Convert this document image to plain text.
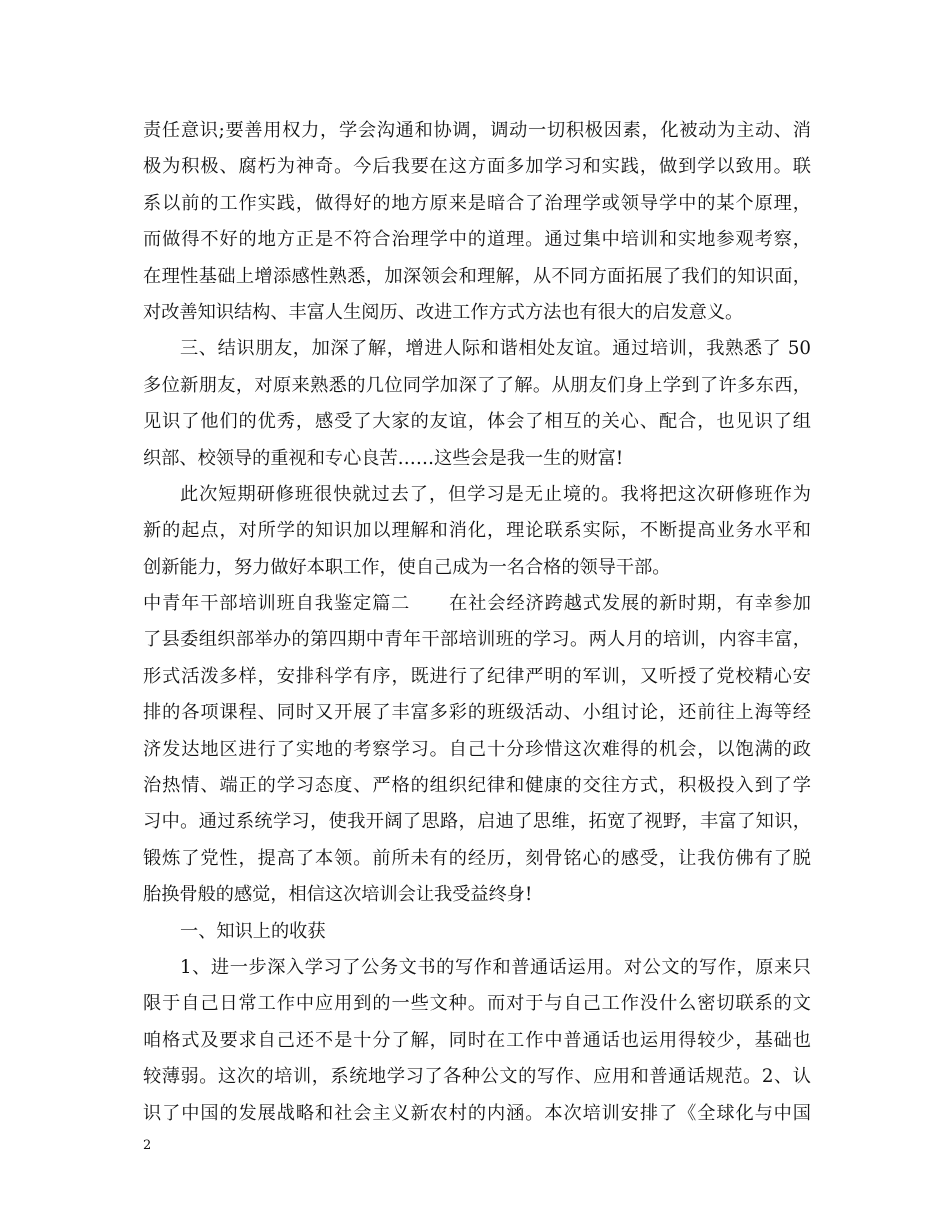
责任意识;要善用权力，学会沟通和协调，调动一切积极因素，化被动为主动、消
极为积极、腐朽为神奇。今后我要在这方面多加学习和实践，做到学以致用。联
系以前的工作实践，做得好的地方原来是暗合了治理学或领导学中的某个原理，
而做得不好的地方正是不符合治理学中的道理。通过集中培训和实地参观考察，
在理性基础上增添感性熟悉，加深领会和理解，从不同方面拓展了我们的知识面，
对改善知识结构、丰富人生阅历、改进工作方式方法也有很大的启发意义。
三、结识朋友，加深了解，增进人际和谐相处友谊。通过培训，我熟悉了 50
多位新朋友，对原来熟悉的几位同学加深了了解。从朋友们身上学到了许多东西，
见识了他们的优秀，感受了大家的友谊，体会了相互的关心、配合，也见识了组
织部、校领导的重视和专心良苦……这些会是我一生的财富!
此次短期研修班很快就过去了，但学习是无止境的。我将把这次研修班作为
新的起点，对所学的知识加以理解和消化，理论联系实际，不断提高业务水平和
创新能力，努力做好本职工作，使自己成为一名合格的领导干部。
中青年干部培训班自我鉴定篇二 在社会经济跨越式发展的新时期，有幸参加
了县委组织部举办的第四期中青年干部培训班的学习。两人月的培训，内容丰富，
形式活泼多样，安排科学有序，既进行了纪律严明的军训，又听授了党校精心安
排的各项课程、同时又开展了丰富多彩的班级活动、小组讨论，还前往上海等经
济发达地区进行了实地的考察学习。自己十分珍惜这次难得的机会，以饱满的政
治热情、端正的学习态度、严格的组织纪律和健康的交往方式，积极投入到了学
习中。通过系统学习，使我开阔了思路，启迪了思维，拓宽了视野，丰富了知识，
锻炼了党性，提高了本领。前所未有的经历，刻骨铭心的感受，让我仿佛有了脱
胎换骨般的感觉，相信这次培训会让我受益终身!
一、知识上的收获
1、进一步深入学习了公务文书的写作和普通话运用。对公文的写作，原来只
限于自己日常工作中应用到的一些文种。而对于与自己工作没什么密切联系的文
咱格式及要求自己还不是十分了解，同时在工作中普通话也运用得较少，基础也
较薄弱。这次的培训，系统地学习了各种公文的写作、应用和普通话规范。2、认
识了中国的发展战略和社会主义新农村的内涵。本次培训安排了《全球化与中国
2
